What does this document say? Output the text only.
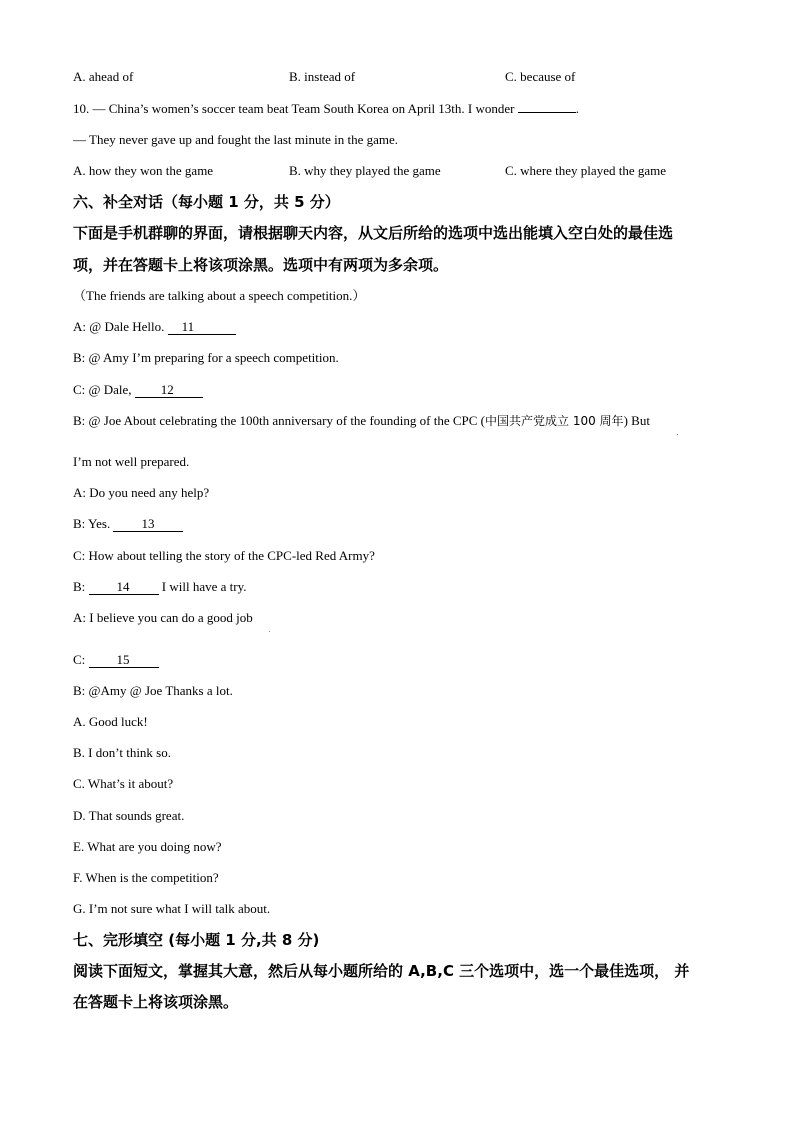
A. ahead of	B. instead of	C. because of
10. — China’s women’s soccer team beat Team South Korea on April 13th. I wonder	.
— They never gave up and fought the last minute in the game.
A. how they won the game	B. why they played the game	C. where they played the game
六、补全对话（每小题 1 分，共 5 分）
下面是手机群聊的界面，请根据聊天内容，从文后所给的选项中选出能填入空白处的最佳选
项，并在答题卡上将该项涂黑。选项中有两项为多余项。
（The friends are talking about a speech competition.）
A: @ Dale Hello. 11
B: @ Amy I’m preparing for a speech competition.
C: @ Dale, 12
B: @ Joe About celebrating the 100th anniversary of the founding of the CPC (中国共产党成立 100 周年) But
I’m not well prepared.
A: Do you need any help?
B: Yes. 13
C: How about telling the story of the CPC-led Red Army?
B: 14 I will have a try.
A: I believe you can do a good job
C: 15
B: @Amy @ Joe Thanks a lot.
A. Good luck!
B. I don’t think so.
C. What’s it about?
D. That sounds great.
E. What are you doing now?
F. When is the competition?
G. I’m not sure what I will talk about.
七、完形填空 (每小题 1 分,共 8 分)
阅读下面短文，掌握其大意，然后从每小题所给的 A,B,C 三个选项中，选一个最佳选项， 并
在答题卡上将该项涂黑。
